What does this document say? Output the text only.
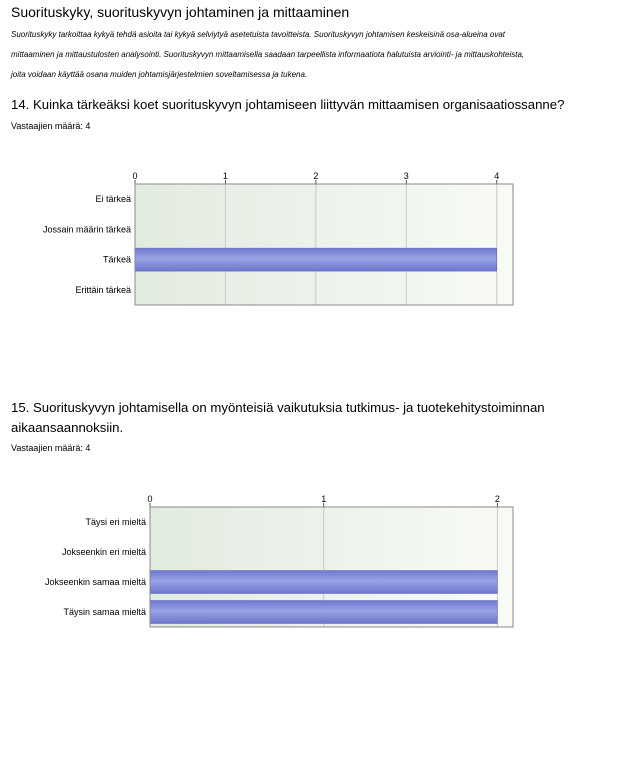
Suorituskyky, suorituskyvyn johtaminen ja mittaaminen
Suorituskyky tarkoittaa kykyä tehdä asioita tai kykyä selviytyä asetetuista tavoitteista. Suorituskyvyn johtamisen keskeisinä osa-alueina ovat
mittaaminen ja mittaustulosten analysointi. Suorituskyvyn mittaamisella saadaan tarpeellista informaatiota halutuista arviointi- ja mittauskohteista,
joita voidaan käyttää osana muiden johtamisjärjestelmien soveltamisessa ja tukena.
14. Kuinka tärkeäksi koet suorituskyvyn johtamiseen liittyvän mittaamisen organisaatiossanne?
Vastaajien määrä: 4
15. Suorituskyvyn johtamisella on myönteisiä vaikutuksia tutkimus- ja tuotekehitystoiminnan
aikaansaannoksiin.
Vastaajien määrä: 4
0	1	2	3	4
Ei tärkeä
Jossain määrin tärkeä
Tärkeä
Erittäin tärkeä
0	1	2
Täysi eri mieltä
Jokseenkin eri mieltä
Jokseenkin samaa mieltä
Täysin samaa mieltä
